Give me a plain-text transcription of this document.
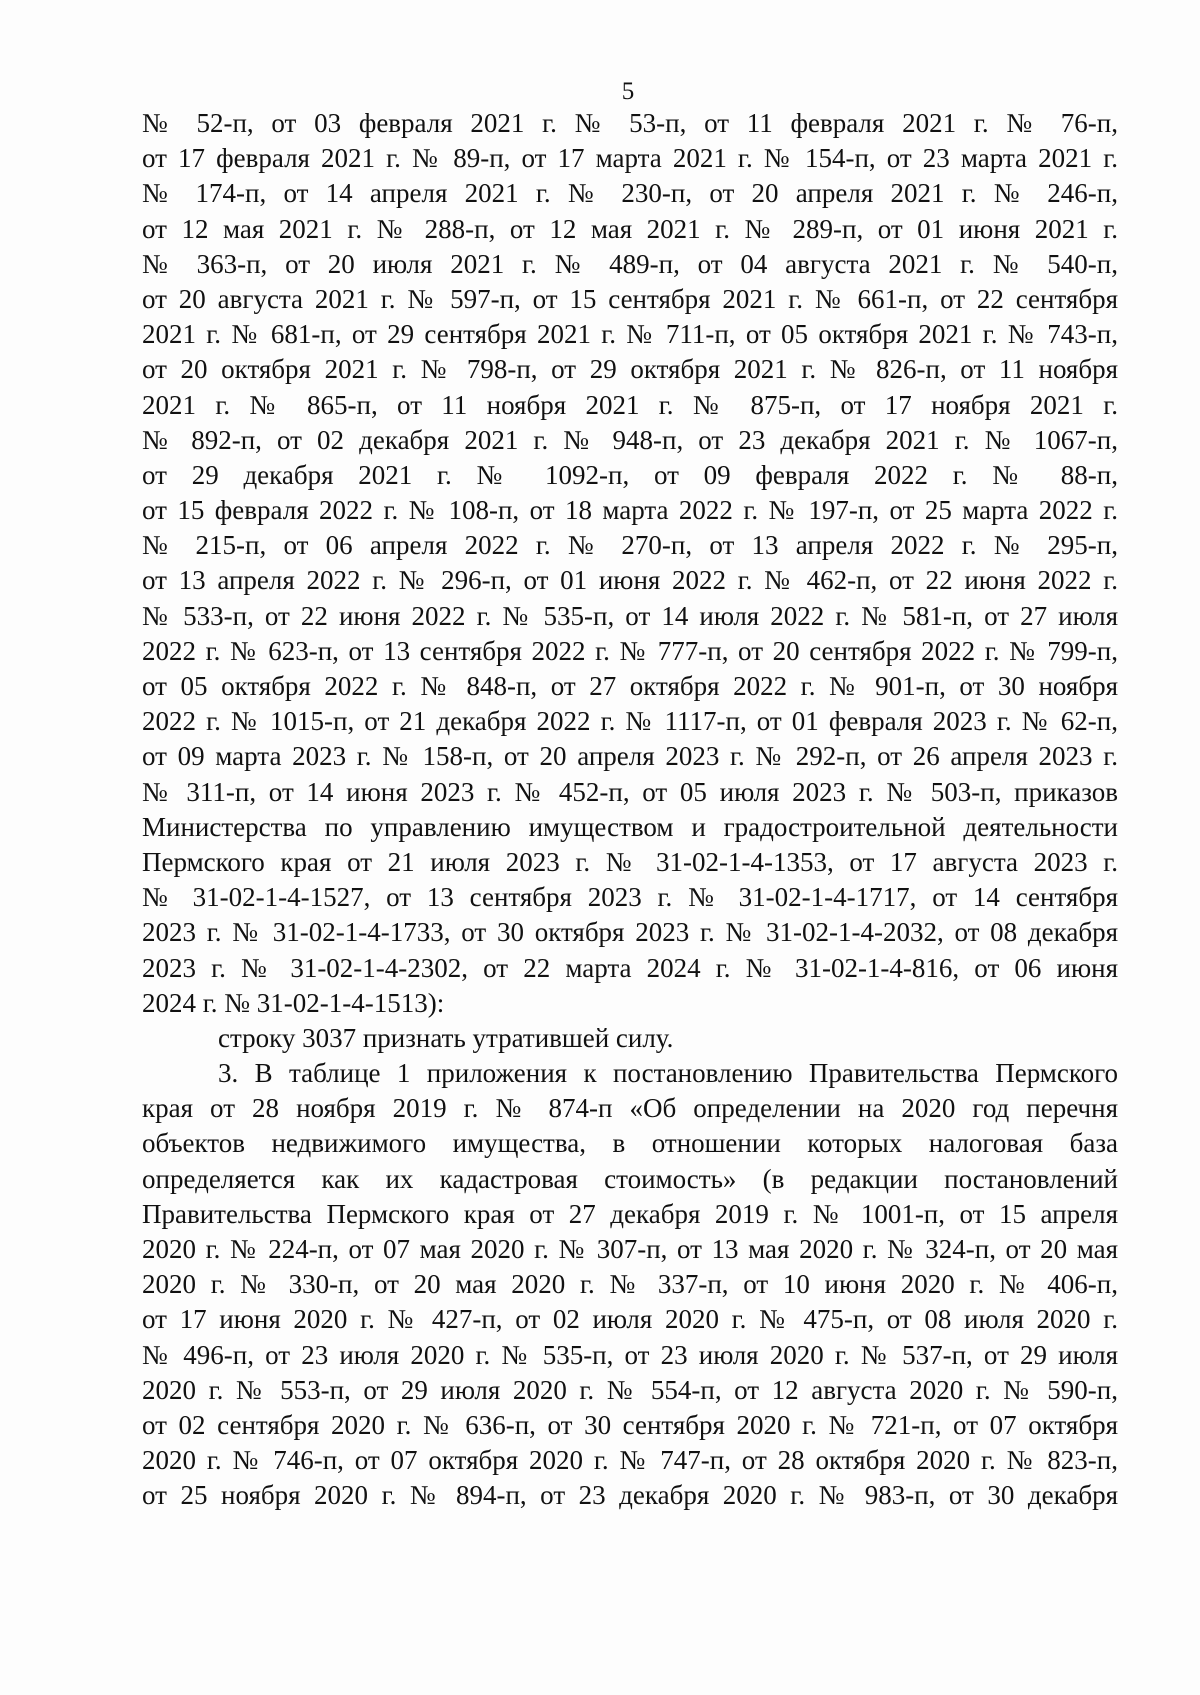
5
№ 52-п, от 03 февраля 2021 г. № 53-п, от 11 февраля 2021 г. № 76-п,
от 17 февраля 2021 г. № 89-п, от 17 марта 2021 г. № 154-п, от 23 марта 2021 г.
№ 174-п, от 14 апреля 2021 г. № 230-п, от 20 апреля 2021 г. № 246-п,
от 12 мая 2021 г. № 288-п, от 12 мая 2021 г. № 289-п, от 01 июня 2021 г.
№ 363-п, от 20 июля 2021 г. № 489-п, от 04 августа 2021 г. № 540-п,
от 20 августа 2021 г. № 597-п, от 15 сентября 2021 г. № 661-п, от 22 сентября
2021 г. № 681-п, от 29 сентября 2021 г. № 711-п, от 05 октября 2021 г. № 743-п,
от 20 октября 2021 г. № 798-п, от 29 октября 2021 г. № 826-п, от 11 ноября
2021 г. № 865-п, от 11 ноября 2021 г. № 875-п, от 17 ноября 2021 г.
№ 892-п, от 02 декабря 2021 г. № 948-п, от 23 декабря 2021 г. № 1067-п,
от 29 декабря 2021 г. № 1092-п, от 09 февраля 2022 г. № 88-п,
от 15 февраля 2022 г. № 108-п, от 18 марта 2022 г. № 197-п, от 25 марта 2022 г.
№ 215-п, от 06 апреля 2022 г. № 270-п, от 13 апреля 2022 г. № 295-п,
от 13 апреля 2022 г. № 296-п, от 01 июня 2022 г. № 462-п, от 22 июня 2022 г.
№ 533-п, от 22 июня 2022 г. № 535-п, от 14 июля 2022 г. № 581-п, от 27 июля
2022 г. № 623-п, от 13 сентября 2022 г. № 777-п, от 20 сентября 2022 г. № 799-п,
от 05 октября 2022 г. № 848-п, от 27 октября 2022 г. № 901-п, от 30 ноября
2022 г. № 1015-п, от 21 декабря 2022 г. № 1117-п, от 01 февраля 2023 г. № 62-п,
от 09 марта 2023 г. № 158-п, от 20 апреля 2023 г. № 292-п, от 26 апреля 2023 г.
№ 311-п, от 14 июня 2023 г. № 452-п, от 05 июля 2023 г. № 503-п, приказов
Министерства по управлению имуществом и градостроительной деятельности
Пермского края от 21 июля 2023 г. № 31-02-1-4-1353, от 17 августа 2023 г.
№ 31-02-1-4-1527, от 13 сентября 2023 г. № 31-02-1-4-1717, от 14 сентября
2023 г. № 31-02-1-4-1733, от 30 октября 2023 г. № 31-02-1-4-2032, от 08 декабря
2023 г. № 31-02-1-4-2302, от 22 марта 2024 г. № 31-02-1-4-816, от 06 июня
2024 г. № 31-02-1-4-1513):
строку 3037 признать утратившей силу.
3. В таблице 1 приложения к постановлению Правительства Пермского
края от 28 ноября 2019 г. № 874-п «Об определении на 2020 год перечня
объектов недвижимого имущества, в отношении которых налоговая база
определяется как их кадастровая стоимость» (в редакции постановлений
Правительства Пермского края от 27 декабря 2019 г. № 1001-п, от 15 апреля
2020 г. № 224-п, от 07 мая 2020 г. № 307-п, от 13 мая 2020 г. № 324-п, от 20 мая
2020 г. № 330-п, от 20 мая 2020 г. № 337-п, от 10 июня 2020 г. № 406-п,
от 17 июня 2020 г. № 427-п, от 02 июля 2020 г. № 475-п, от 08 июля 2020 г.
№ 496-п, от 23 июля 2020 г. № 535-п, от 23 июля 2020 г. № 537-п, от 29 июля
2020 г. № 553-п, от 29 июля 2020 г. № 554-п, от 12 августа 2020 г. № 590-п,
от 02 сентября 2020 г. № 636-п, от 30 сентября 2020 г. № 721-п, от 07 октября
2020 г. № 746-п, от 07 октября 2020 г. № 747-п, от 28 октября 2020 г. № 823-п,
от 25 ноября 2020 г. № 894-п, от 23 декабря 2020 г. № 983-п, от 30 декабря
